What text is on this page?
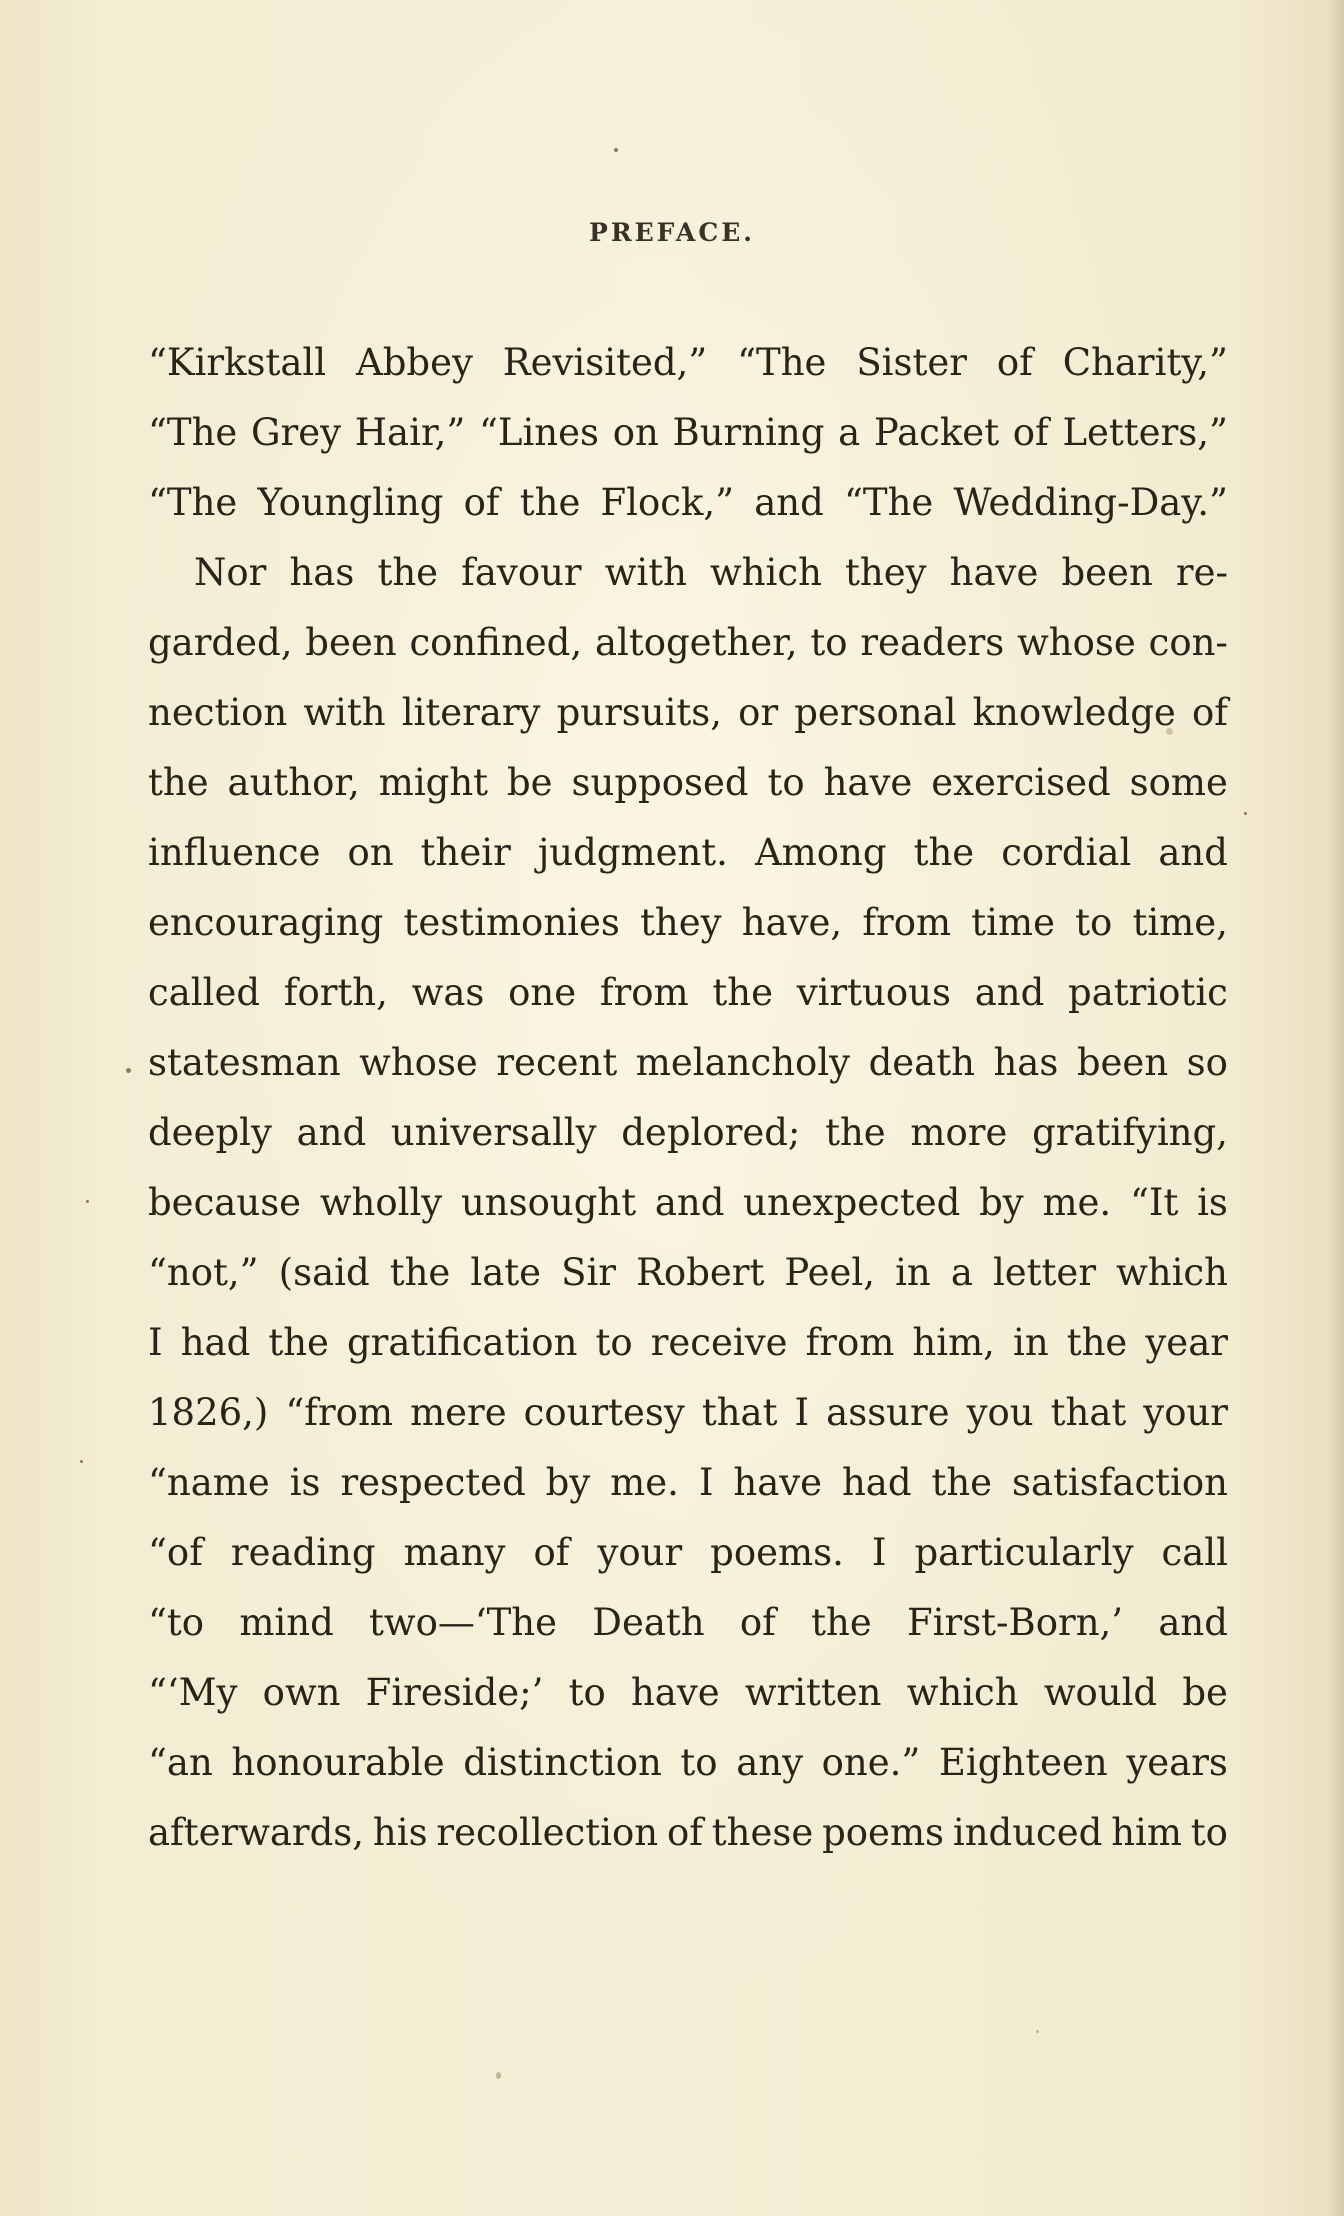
PREFACE.
“Kirkstall Abbey Revisited,” “The Sister of Charity,”
“The Grey Hair,” “Lines on Burning a Packet of Letters,”
“The Youngling of the Flock,” and “The Wedding-Day.”
Nor has the favour with which they have been re-
garded, been confined, altogether, to readers whose con-
nection with literary pursuits, or personal knowledge of
the author, might be supposed to have exercised some
influence on their judgment. Among the cordial and
encouraging testimonies they have, from time to time,
called forth, was one from the virtuous and patriotic
statesman whose recent melancholy death has been so
deeply and universally deplored; the more gratifying,
because wholly unsought and unexpected by me. “It is
“not,” (said the late Sir Robert Peel, in a letter which
I had the gratification to receive from him, in the year
1826,) “from mere courtesy that I assure you that your
“name is respected by me. I have had the satisfaction
“of reading many of your poems. I particularly call
“to mind two—‘The Death of the First-Born,’ and
“‘My own Fireside;’ to have written which would be
“an honourable distinction to any one.” Eighteen years
afterwards, his recollection of these poems induced him to
